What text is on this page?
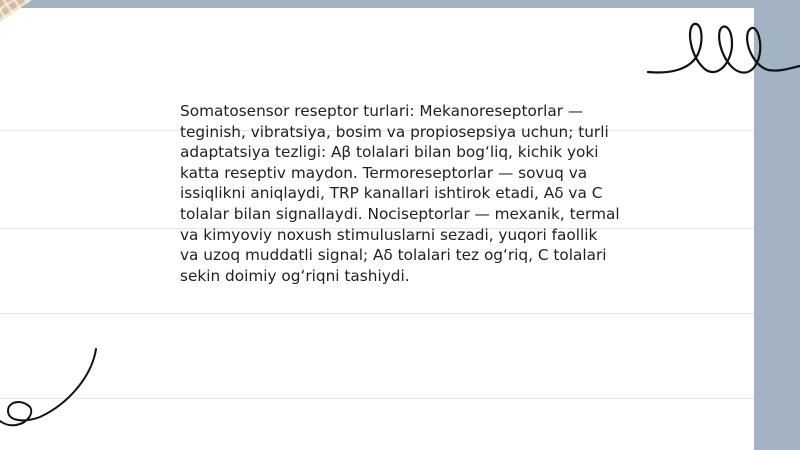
Somatosensor reseptor turlari: Mekanoreseptorlar — teginish, vibratsiya, bosim va propiosepsiya uchun; turli adaptatsiya tezligi: Aβ tolalari bilan bogʻliq, kichik yoki katta reseptiv maydon. Termoreseptorlar — sovuq va issiqlikni aniqlaydi, TRP kanallari ishtirok etadi, Aδ va C tolalar bilan signallaydi. Nociseptorlar — mexanik, termal va kimyoviy noxush stimuluslarni sezadi, yuqori faollik va uzoq muddatli signal; Aδ tolalari tez ogʻriq, C tolalari sekin doimiy ogʻriqni tashiydi.
